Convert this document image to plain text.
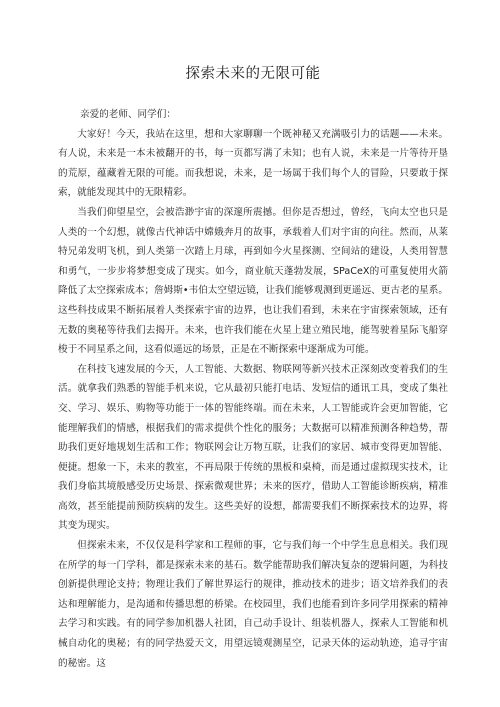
探索未来的无限可能

亲爱的老师、同学们：

大家好！今天，我站在这里，想和大家聊聊一个既神秘又充满吸引力的话题——未来。有人说，未来是一本未被翻开的书，每一页都写满了未知；也有人说，未来是一片等待开垦的荒原，蕴藏着无限的可能。而我想说，未来，是一场属于我们每个人的冒险，只要敢于探索，就能发现其中的无限精彩。

当我们仰望星空，会被浩渺宇宙的深邃所震撼。但你是否想过，曾经，飞向太空也只是人类的一个幻想，就像古代神话中嫦娥奔月的故事，承载着人们对宇宙的向往。然而，从莱特兄弟发明飞机，到人类第一次踏上月球，再到如今火星探测、空间站的建设，人类用智慧和勇气，一步步将梦想变成了现实。如今，商业航天蓬勃发展，SPaCeX的可重复使用火箭降低了太空探索成本；詹姆斯•韦伯太空望远镜，让我们能够观测到更遥远、更古老的星系。这些科技成果不断拓展着人类探索宇宙的边界，也让我们看到，未来在宇宙探索领域，还有无数的奥秘等待我们去揭开。未来，也许我们能在火星上建立殖民地，能驾驶着星际飞船穿梭于不同星系之间，这看似遥远的场景，正是在不断探索中逐渐成为可能。

在科技飞速发展的今天，人工智能、大数据、物联网等新兴技术正深刻改变着我们的生活。就拿我们熟悉的智能手机来说，它从最初只能打电话、发短信的通讯工具，变成了集社交、学习、娱乐、购物等功能于一体的智能终端。而在未来，人工智能或许会更加智能，它能理解我们的情感，根据我们的需求提供个性化的服务；大数据可以精准预测各种趋势，帮助我们更好地规划生活和工作；物联网会让万物互联，让我们的家居、城市变得更加智能、便捷。想象一下，未来的教室，不再局限于传统的黑板和桌椅，而是通过虚拟现实技术，让我们身临其境般感受历史场景、探索微观世界；未来的医疗，借助人工智能诊断疾病，精准高效，甚至能提前预防疾病的发生。这些美好的设想，都需要我们不断探索技术的边界，将其变为现实。

但探索未来，不仅仅是科学家和工程师的事，它与我们每一个中学生息息相关。我们现在所学的每一门学科，都是探索未来的基石。数学能帮助我们解决复杂的逻辑问题，为科技创新提供理论支持；物理让我们了解世界运行的规律，推动技术的进步；语文培养我们的表达和理解能力，是沟通和传播思想的桥梁。在校园里，我们也能看到许多同学用探索的精神去学习和实践。有的同学参加机器人社团，自己动手设计、组装机器人，探索人工智能和机械自动化的奥秘；有的同学热爱天文，用望远镜观测星空，记录天体的运动轨迹，追寻宇宙的秘密。这
